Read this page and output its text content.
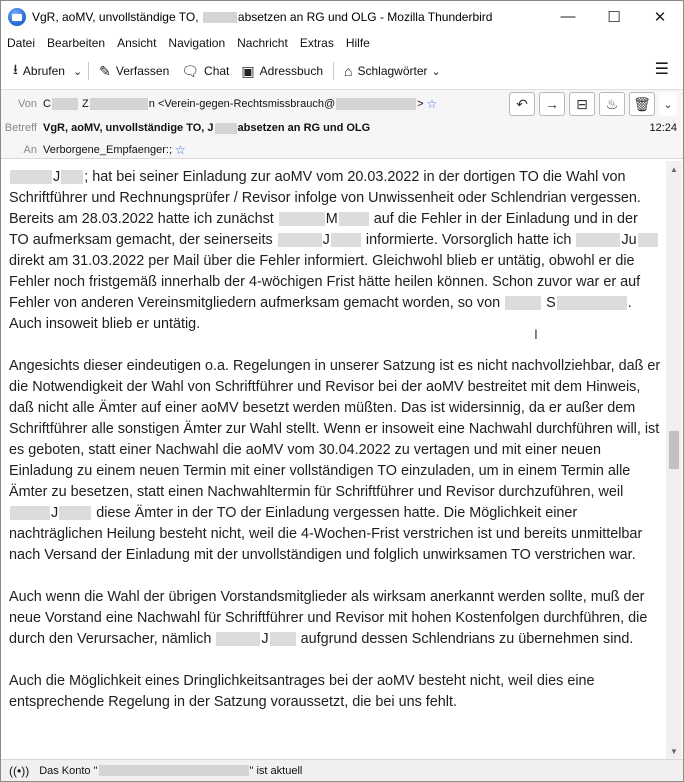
VgR, aoMV, unvollständige TO,	absetzen an RG und OLG - Mozilla Thunderbird	—	☐	✕
Datei Bearbeiten Ansicht Navigation Nachricht Extras Hilfe
⭳ Abrufen ⌄ ✎ Verfassen 🗨 Chat ▣ Adressbuch ⌂ Schlagwörter ⌄	☰
Von C	Z	n <Verein-gegen-Rechtsmissbrauch@	> ☆	↶ → ⊟ ♨ 🗑 ⌄
Betreff VgR, aoMV, unvollständige TO, J absetzen an RG und OLG	12:24
An Verborgene_Empfaenger:; ☆

J ; hat bei seiner Einladung zur aoMV vom 20.03.2022 in der dortigen TO die Wahl von Schriftführer und Rechnungsprüfer / Revisor infolge von Unwissenheit oder Schlendrian vergessen. Bereits am 28.03.2022 hatte ich zunächst	M	auf die Fehler in der Einladung und in der TO aufmerksam gemacht, der seinerseits	J	informierte. Vorsorglich hatte ich	Ju direkt am 31.03.2022 per Mail über die Fehler informiert. Gleichwohl blieb er untätig, obwohl er die Fehler noch fristgemäß innerhalb der 4-wöchigen Frist hätte heilen können. Schon zuvor war er auf Fehler von anderen Vereinsmitgliedern aufmerksam gemacht worden, so von	S	. Auch insoweit blieb er untätig.

Angesichts dieser eindeutigen o.a. Regelungen in unserer Satzung ist es nicht nachvollziehbar, daß er die Notwendigkeit der Wahl von Schriftführer und Revisor bei der aoMV bestreitet mit dem Hinweis, daß nicht alle Ämter auf einer aoMV besetzt werden müßten. Das ist widersinnig, da er außer dem Schriftführer alle sonstigen Ämter zur Wahl stellt. Wenn er insoweit eine Nachwahl durchführen will, ist es geboten, statt einer Nachwahl die aoMV vom 30.04.2022 zu vertagen und mit einer neuen Einladung zu einem neuen Termin mit einer vollständigen TO einzuladen, um in einem Termin alle Ämter zu besetzen, statt einen Nachwahltermin für Schriftführer und Revisor durchzuführen, weil J	diese Ämter in der TO der Einladung vergessen hatte. Die Möglichkeit einer nachträglichen Heilung besteht nicht, weil die 4-Wochen-Frist verstrichen ist und bereits unmittelbar nach Versand der Einladung mit der unvollständigen und folglich unwirksamen TO verstrichen war.

Auch wenn die Wahl der übrigen Vorstandsmitglieder als wirksam anerkannt werden sollte, muß der neue Vorstand eine Nachwahl für Schriftführer und Revisor mit hohen Kostenfolgen durchführen, die durch den Verursacher, nämlich	J aufgrund dessen Schlendrians zu übernehmen sind.

Auch die Möglichkeit eines Dringlichkeitsantrages bei der aoMV besteht nicht, weil dies eine entsprechende Regelung in der Satzung voraussetzt, die bei uns fehlt.

I
▲
▼
((•)) Das Konto "	" ist aktuell
